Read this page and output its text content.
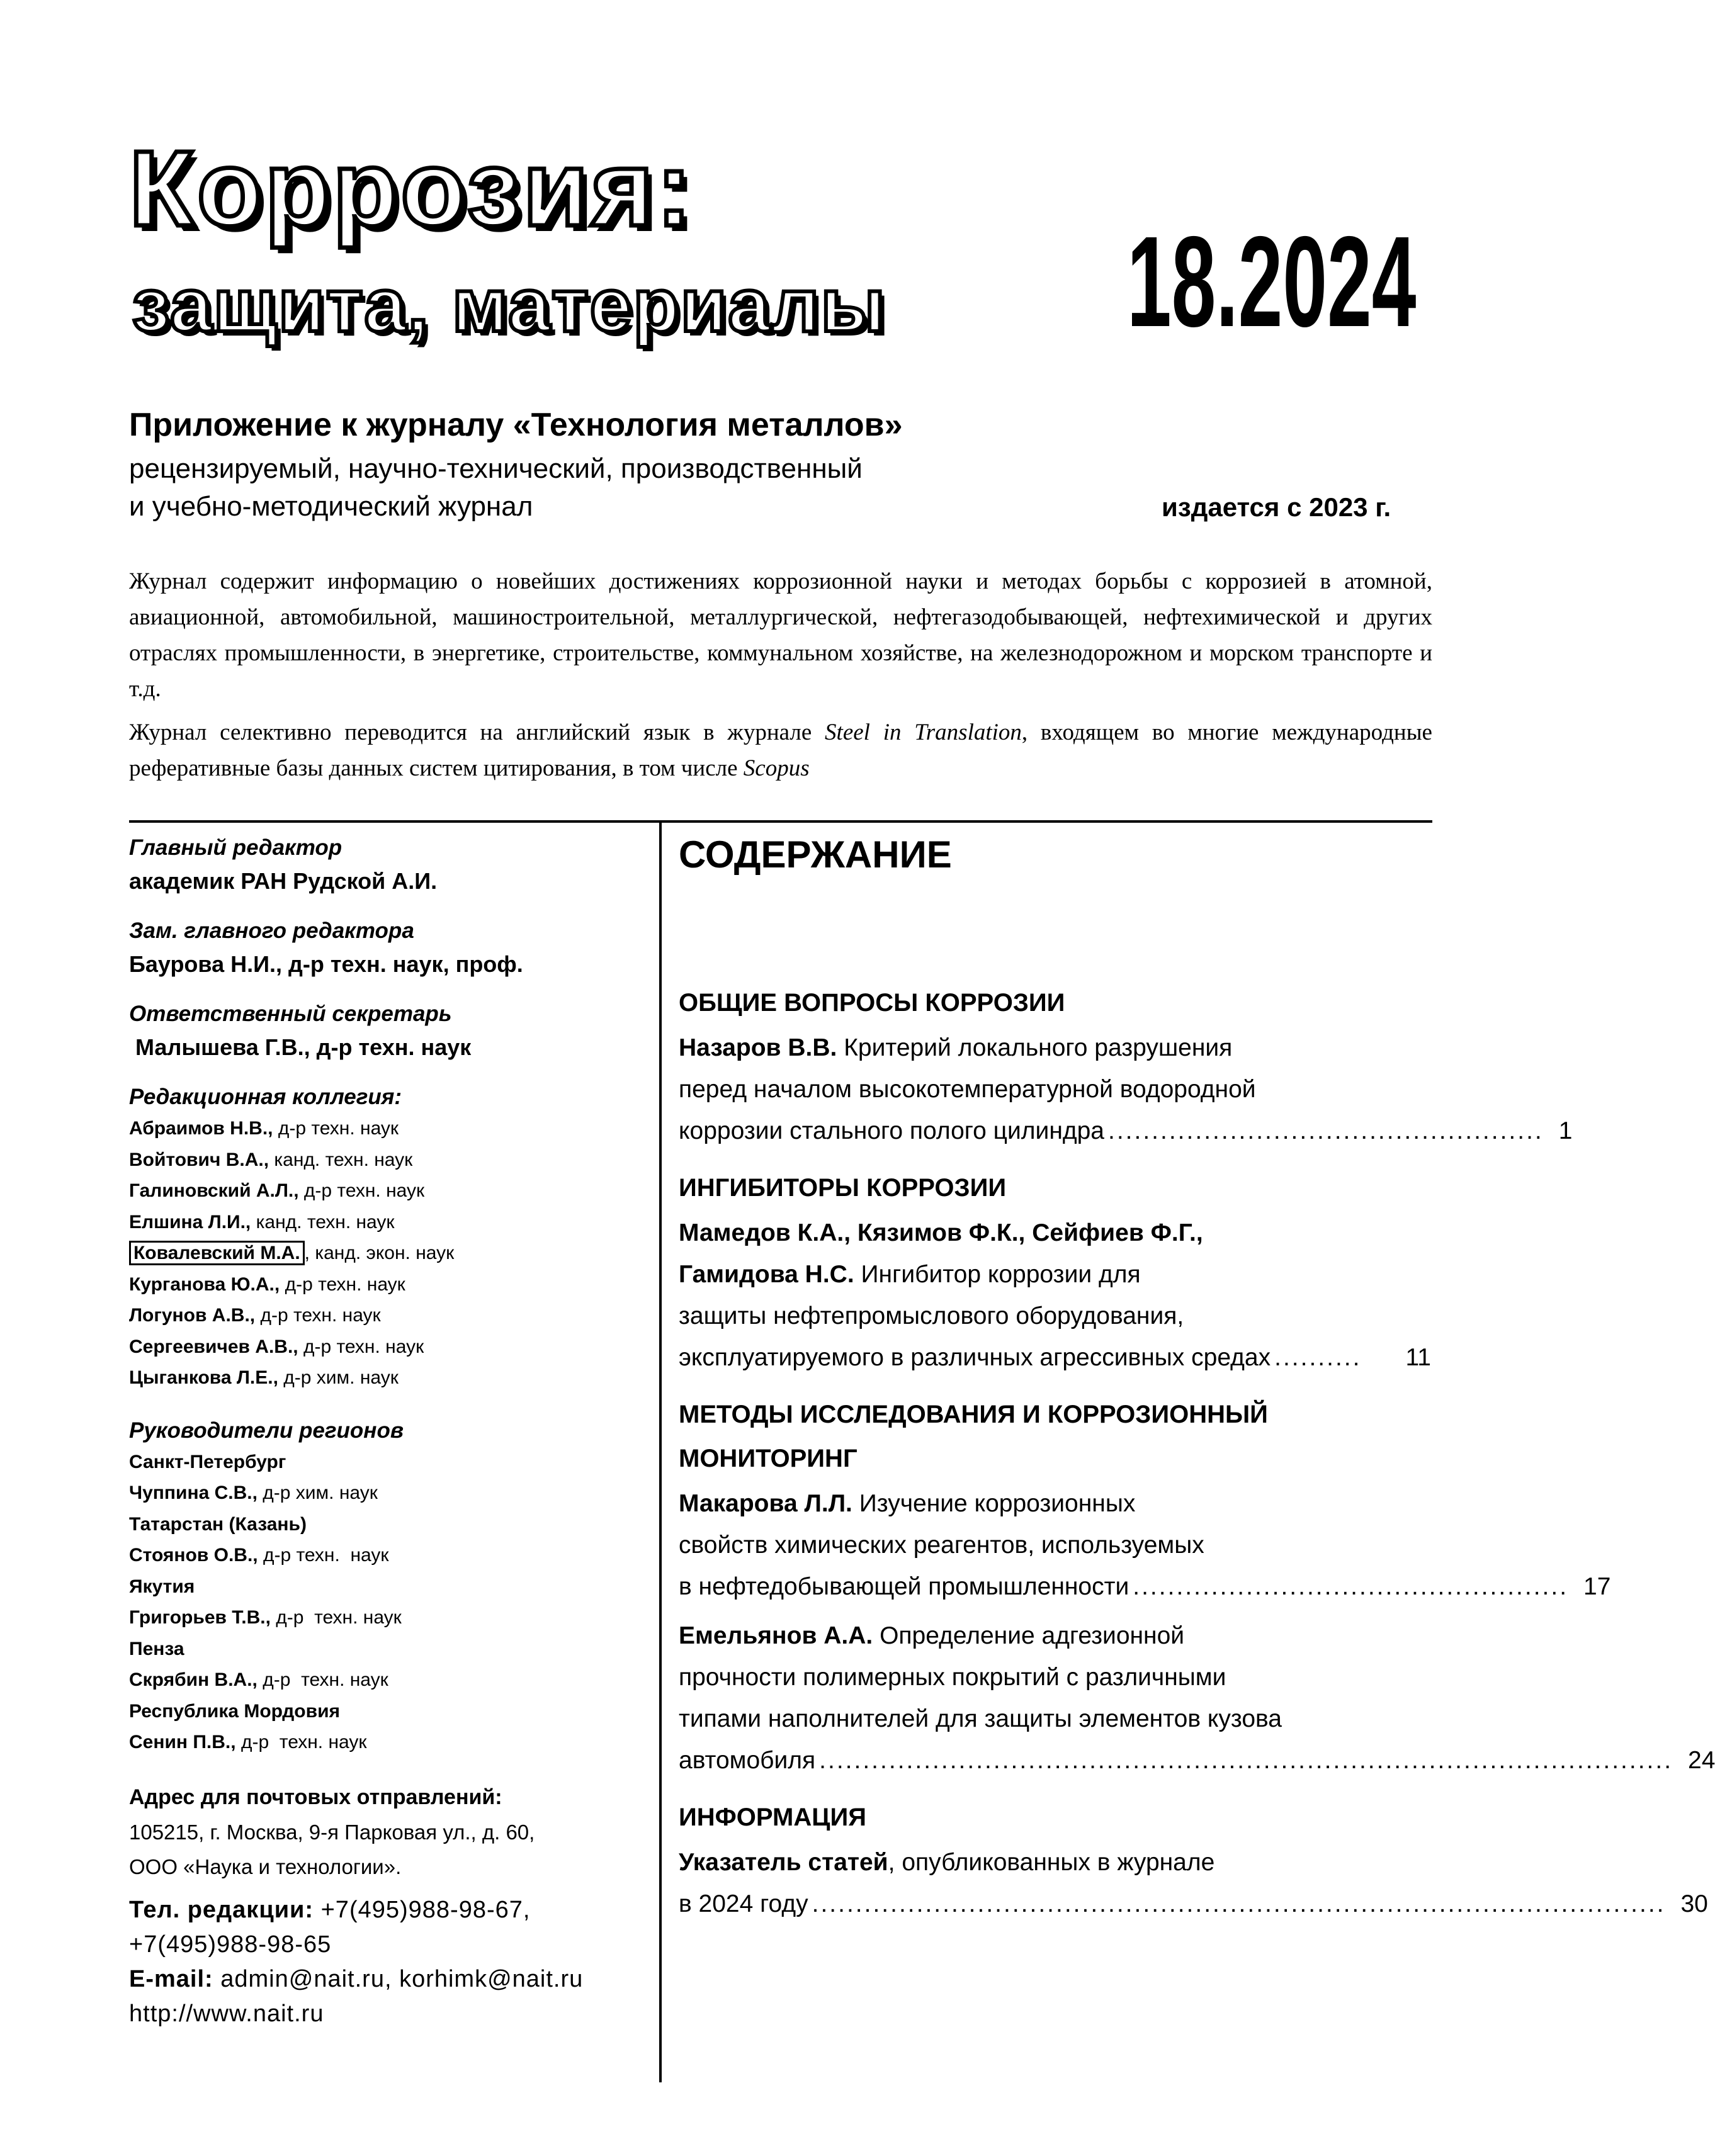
Коррозия:
защита, материалы 18.2024
Приложение к журналу «Технология металлов»
рецензируемый, научно-технический, производственный
и учебно-методический журнал	издается с 2023 г.
Журнал содержит информацию о новейших достижениях коррозионной науки и методах борьбы с коррозией в атомной, авиационной, автомобильной, машиностроительной, металлургической, нефтегазодобывающей, нефтехимической и других отраслях промышленности, в энергетике, строительстве, коммунальном хозяйстве, на железнодорожном и морском транспорте и т.д.
Журнал селективно переводится на английский язык в журнале Steel in Translation, входящем во многие международные реферативные базы данных систем цитирования, в том числе Scopus
Главный редактор
академик РАН Рудской А.И.
Зам. главного редактора
Баурова Н.И., д-р техн. наук, проф.
Ответственный секретарь
Малышева Г.В., д-р техн. наук
Редакционная коллегия:
Абраимов Н.В., д-р техн. наук
Войтович В.А., канд. техн. наук
Галиновский А.Л., д-р техн. наук
Елшина Л.И., канд. техн. наук
Ковалевский М.А. , канд. экон. наук
Курганова Ю.А., д-р техн. наук
Логунов А.В., д-р техн. наук
Сергеевичев А.В., д-р техн. наук
Цыганкова Л.Е., д-р хим. наук
Руководители регионов
Санкт-Петербург
Чуппина С.В., д-р хим. наук
Татарстан (Казань)
Стоянов О.В., д-р техн.  наук
Якутия
Григорьев Т.В., д-р  техн. наук
Пенза
Скрябин В.А., д-р  техн. наук
Республика Мордовия
Сенин П.В., д-р  техн. наук
Адрес для почтовых отправлений:
105215, г. Москва, 9-я Парковая ул., д. 60,
ООО «Наука и технологии».
Тел. редакции: +7(495)988-98-67,
+7(495)988-98-65
E-mail: admin@nait.ru, korhimk@nait.ru
http://www.nait.ru
СОДЕРЖАНИЕ
ОБЩИЕ ВОПРОСЫ КОРРОЗИИ
Назаров В.В. Критерий локального разрушения
перед началом высокотемпературной водородной
коррозии стального полого цилиндра .................................................. 1
ИНГИБИТОРЫ КОРРОЗИИ
Мамедов К.А., Кязимов Ф.К., Сейфиев Ф.Г.,
Гамидова Н.С. Ингибитор коррозии для
защиты нефтепромыслового оборудования,
эксплуатируемого в различных агрессивных средах ..........	11
МЕТОДЫ ИССЛЕДОВАНИЯ И КОРРОЗИОННЫЙ
МОНИТОРИНГ
Макарова Л.Л. Изучение коррозионных
свойств химических реагентов, используемых
в нефтедобывающей промышленности .................................................. 17
Емельянов А.А. Определение адгезионной
прочности полимерных покрытий с различными
типами наполнителей для защиты элементов кузова
автомобиля .................................................................................................. 24
ИНФОРМАЦИЯ
Указатель статей, опубликованных в журнале
в 2024 году .................................................................................................. 30
